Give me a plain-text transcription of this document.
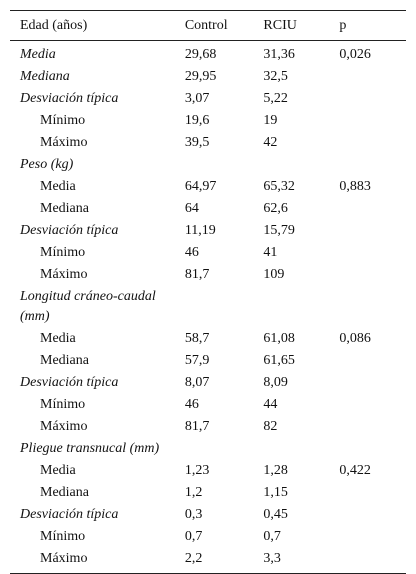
Edad (años)	Control	RCIU	p
Media	29,68	31,36	0,026
Mediana	29,95	32,5	
Desviación típica	3,07	5,22	
Mínimo	19,6	19	
Máximo	39,5	42	
Peso (kg)			
Media	64,97	65,32	0,883
Mediana	64	62,6	
Desviación típica	11,19	15,79	
Mínimo	46	41	
Máximo	81,7	109	
Longitud cráneo-caudal (mm)			
Media	58,7	61,08	0,086
Mediana	57,9	61,65	
Desviación típica	8,07	8,09	
Mínimo	46	44	
Máximo	81,7	82	
Pliegue transnucal (mm)			
Media	1,23	1,28	0,422
Mediana	1,2	1,15	
Desviación típica	0,3	0,45	
Mínimo	0,7	0,7	
Máximo	2,2	3,3	
